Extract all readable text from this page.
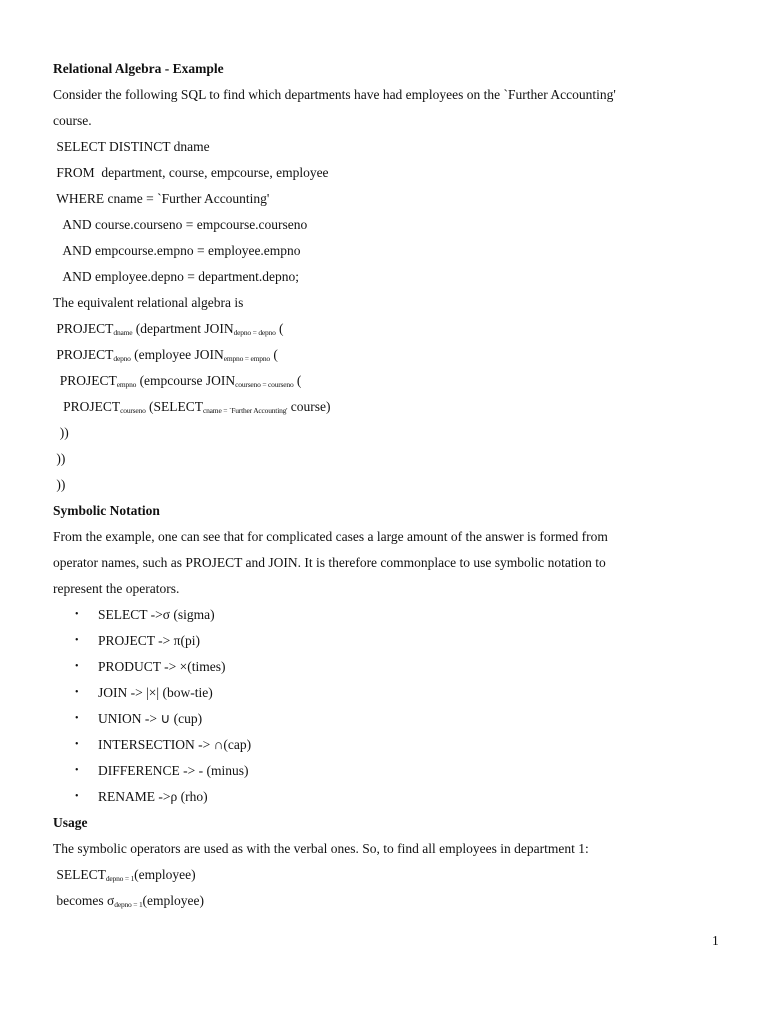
Relational Algebra - Example
Consider the following SQL to find which departments have had employees on the `Further Accounting'
course.
SELECT DISTINCT dname
FROM  department, course, empcourse, employee
WHERE cname = `Further Accounting'
AND course.courseno = empcourse.courseno
AND empcourse.empno = employee.empno
AND employee.depno = department.depno;
The equivalent relational algebra is
$PROJECT_{dname}$ (department $JOIN_{depno = depno}$ (
$PROJECT_{depno}$ (employee $JOIN_{empno = empno}$ (
$PROJECT_{empno}$ (empcourse $JOIN_{courseno = courseno}$ (
$PROJECT_{courseno}$ ($SELECT_{cname = `Further Accounting'}$ course)
))
))
))
Symbolic Notation
From the example, one can see that for complicated cases a large amount of the answer is formed from
operator names, such as PROJECT and JOIN. It is therefore commonplace to use symbolic notation to
represent the operators.
• SELECT ->σ (sigma)
• PROJECT -> π(pi)
• PRODUCT -> ×(times)
• JOIN -> |×| (bow-tie)
• UNION -> ∪ (cup)
• INTERSECTION -> ∩(cap)
• DIFFERENCE -> - (minus)
• RENAME ->ρ (rho)
Usage
The symbolic operators are used as with the verbal ones. So, to find all employees in department 1:
$SELECT_{depno = 1}(employee)$
becomes $\sigma_{depno = 1}(employee)$
1
